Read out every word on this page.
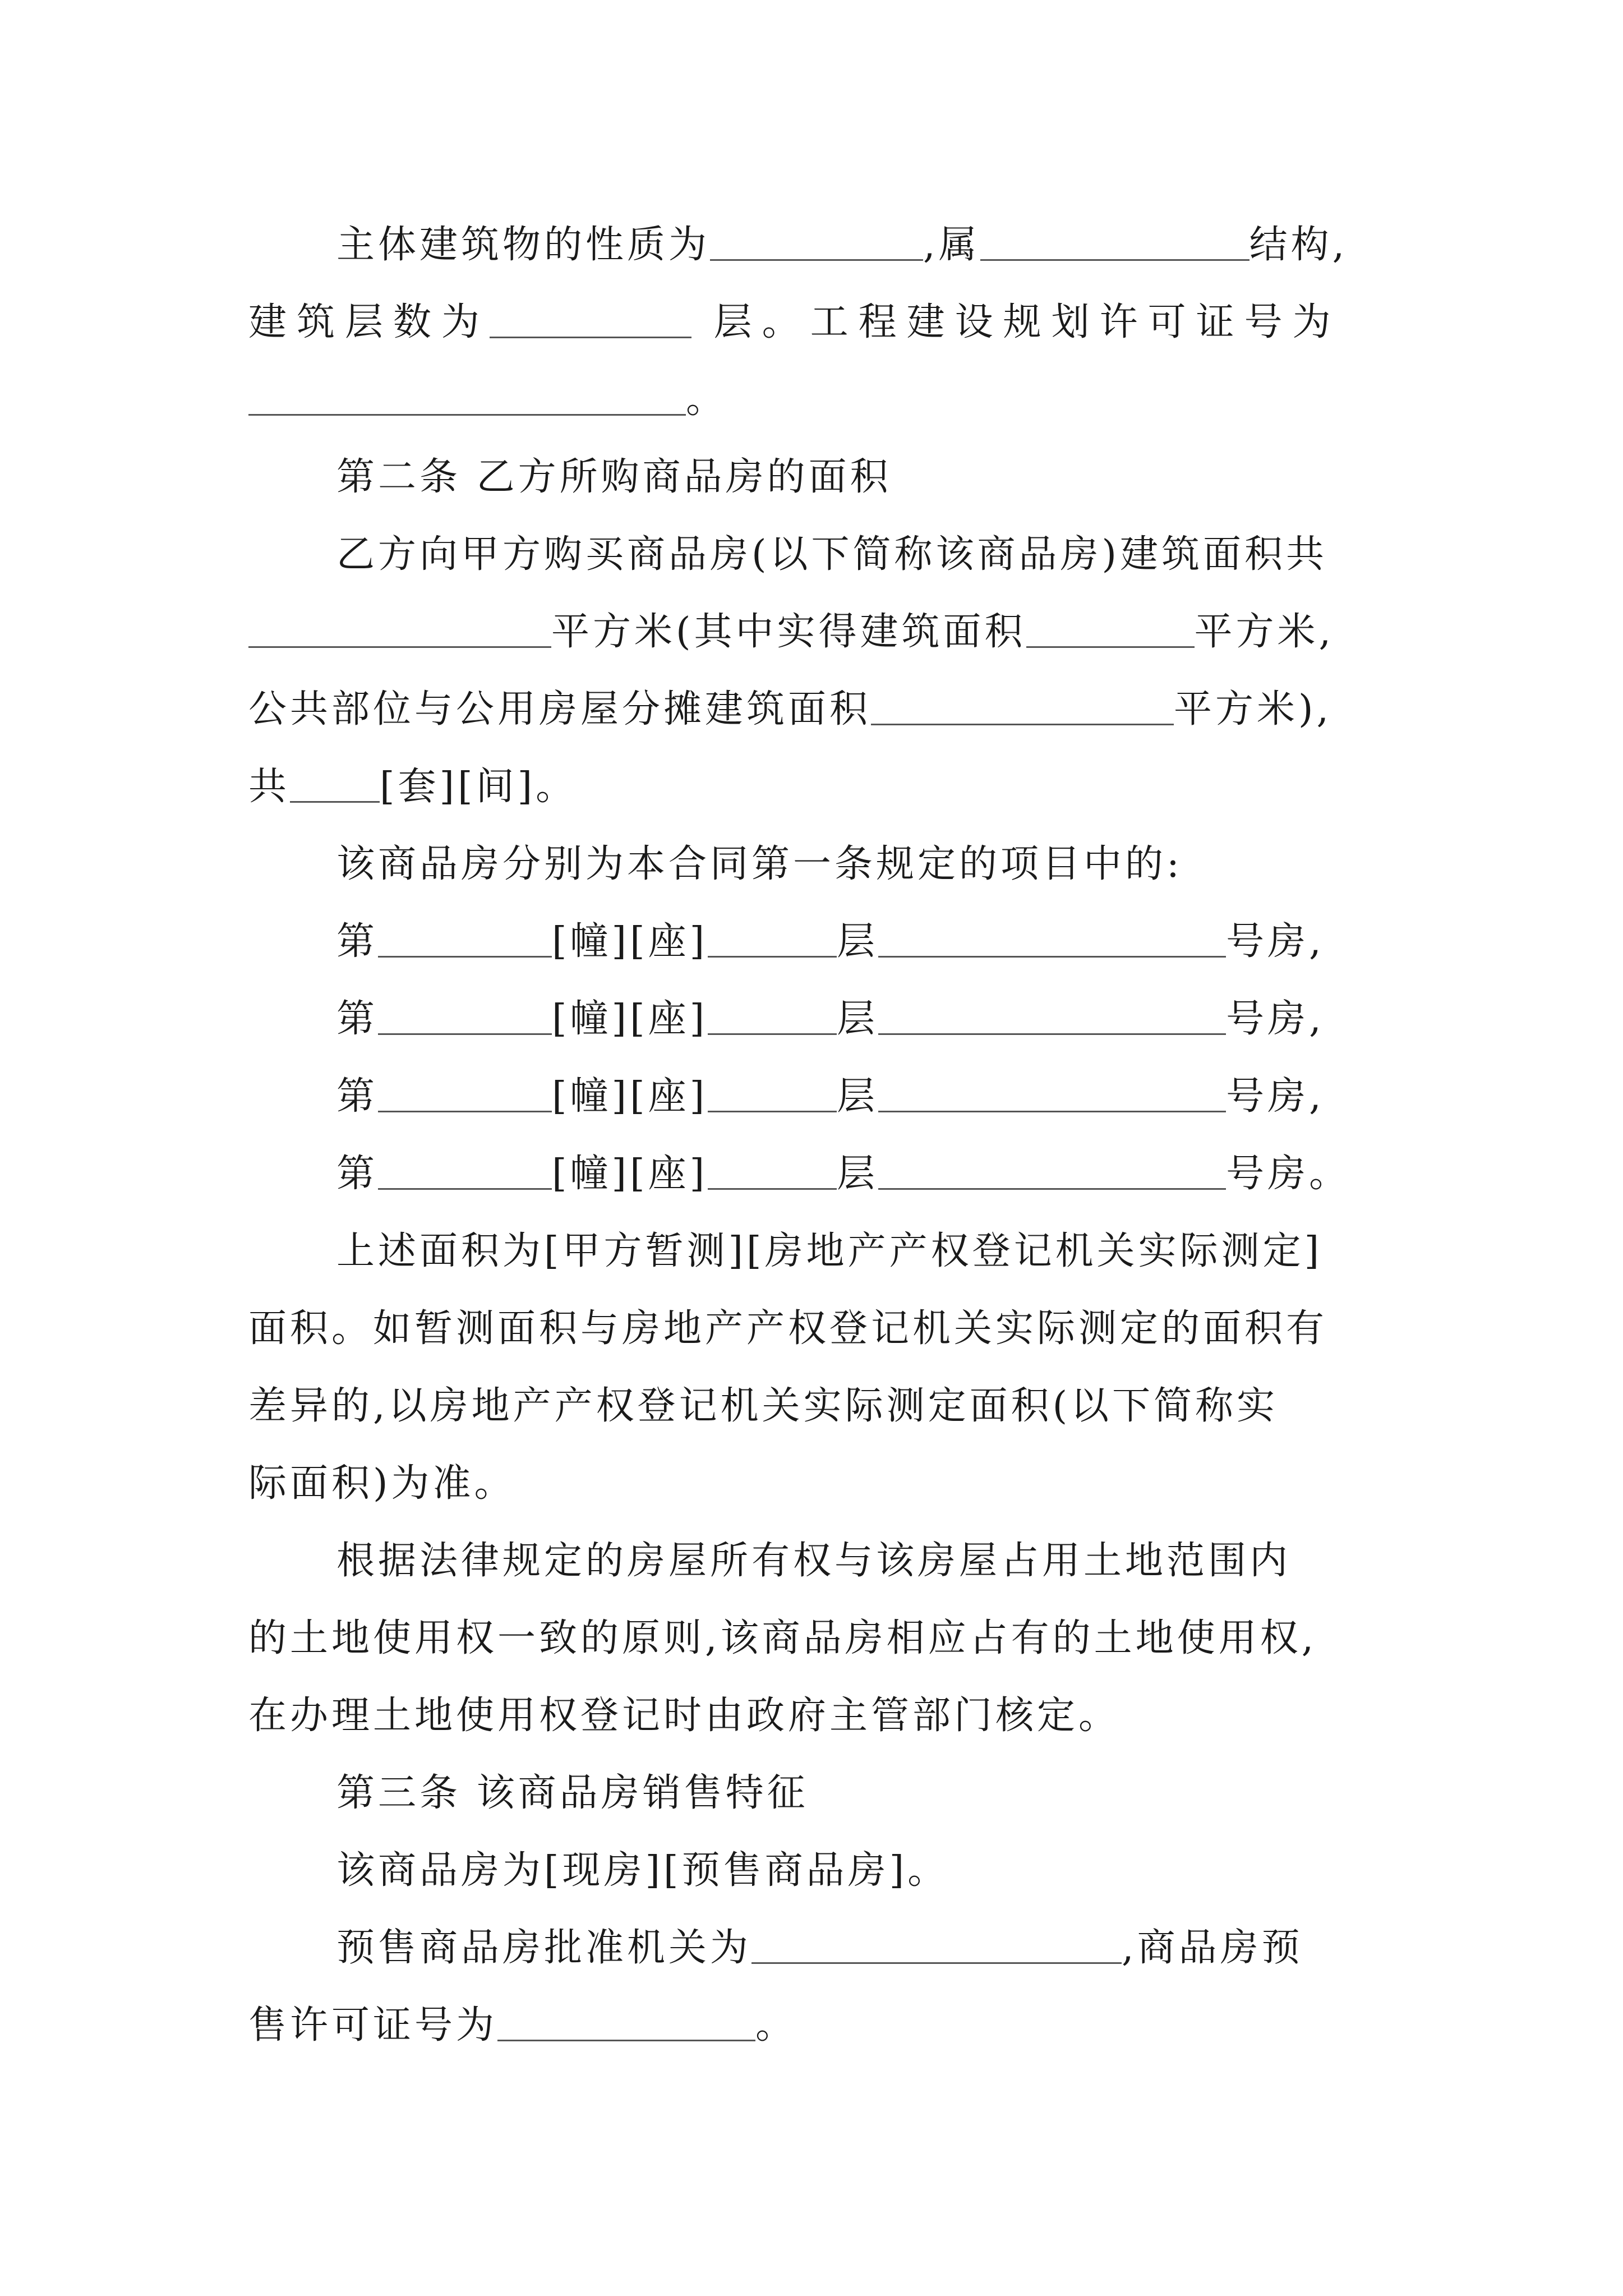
主体建筑物的性质为	,属	结构,
建筑层数为	层。工程建设规划许可证号为
。
第二条 乙方所购商品房的面积
乙方向甲方购买商品房(以下简称该商品房)建筑面积共
平方米(其中实得建筑面积	平方米,
公共部位与公用房屋分摊建筑面积	平方米),
共 [套][间]。
该商品房分别为本合同第一条规定的项目中的:
第	[幢][座]	层	号房,
第	[幢][座]	层	号房,
第	[幢][座]	层	号房,
第	[幢][座]	层	号房。
上述面积为[甲方暂测][房地产产权登记机关实际测定]
面积。如暂测面积与房地产产权登记机关实际测定的面积有
差异的,以房地产产权登记机关实际测定面积(以下简称实
际面积)为准。
根据法律规定的房屋所有权与该房屋占用土地范围内
的土地使用权一致的原则,该商品房相应占有的土地使用权,
在办理土地使用权登记时由政府主管部门核定。
第三条 该商品房销售特征
该商品房为[现房][预售商品房]。
预售商品房批准机关为	,商品房预
售许可证号为	。
